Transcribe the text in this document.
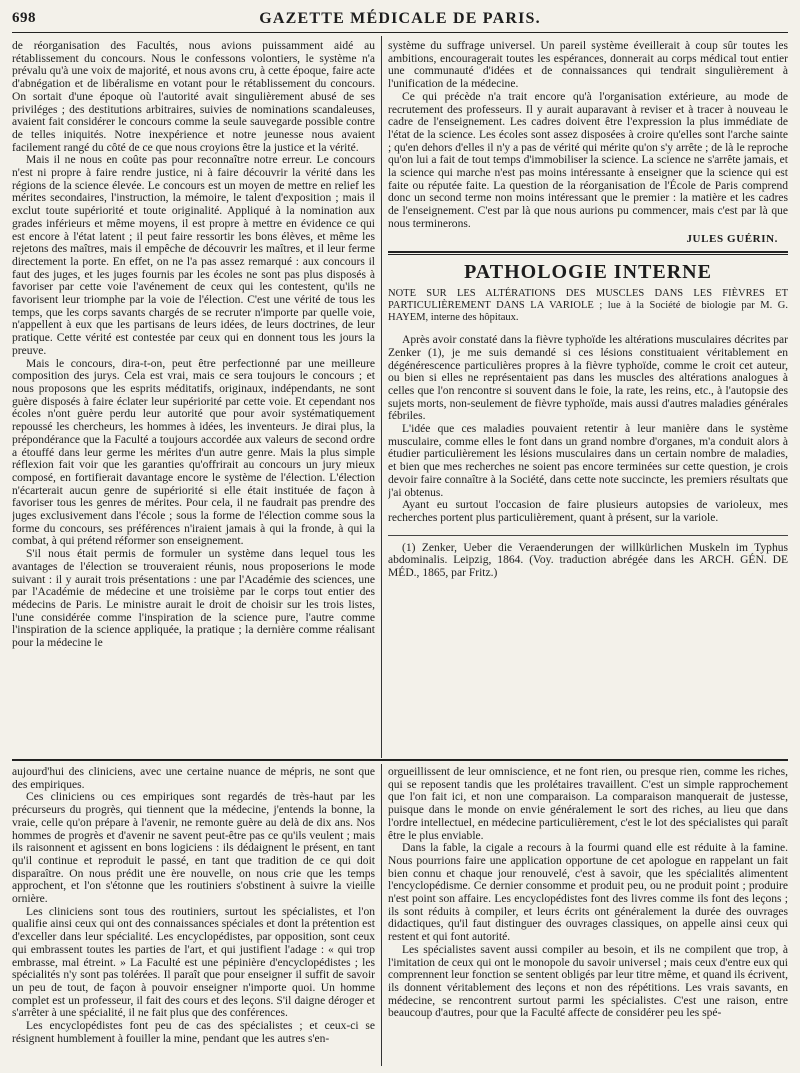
698	GAZETTE MÉDICALE DE PARIS.

de réorganisation des Facultés, nous avions puissamment aidé au rétablissement du concours. Nous le confessons volontiers, le système n'a prévalu qu'à une voix de majorité, et nous avons cru, à cette époque, faire acte d'abnégation et de libéralisme en votant pour le rétablissement du concours. On sortait d'une époque où l'autorité avait singulièrement abusé de ses priviléges ; des destitutions arbitraires, suivies de nominations scandaleuses, avaient fait considérer le concours comme la seule sauvegarde possible contre de telles iniquités. Notre inexpérience et notre jeunesse nous avaient facilement rangé du côté de ce que nous croyions être la justice et la vérité.

Mais il ne nous en coûte pas pour reconnaître notre erreur. Le concours n'est ni propre à faire rendre justice, ni à faire découvrir la vérité dans les régions de la science élevée. Le concours est un moyen de mettre en relief les mérites secondaires, l'instruction, la mémoire, le talent d'exposition ; mais il exclut toute supériorité et toute originalité. Appliqué à la nomination aux grades inférieurs et même moyens, il est propre à mettre en évidence ce qui est encore à l'état latent ; il peut faire ressortir les bons élèves, et même les rejetons des maîtres, mais il empêche de découvrir les maîtres, et il leur ferme directement la porte. En effet, on ne l'a pas assez remarqué : aux concours il faut des juges, et les juges fournis par les écoles ne sont pas plus disposés à favoriser par cette voie l'avénement de ceux qui les contestent, qu'ils ne favorisent leur triomphe par la voie de l'élection. C'est une vérité de tous les temps, que les corps savants chargés de se recruter n'importe par quelle voie, n'appellent à eux que les partisans de leurs idées, de leurs doctrines, de leur pratique. Cette vérité est contestée par ceux qui en donnent tous les jours la preuve.

Mais le concours, dira-t-on, peut être perfectionné par une meilleure composition des jurys. Cela est vrai, mais ce sera toujours le concours ; et nous proposons que les esprits méditatifs, originaux, indépendants, ne sont guère disposés à faire éclater leur supériorité par cette voie. Et cependant nos écoles n'ont guère perdu leur autorité que pour avoir systématiquement repoussé les chercheurs, les hommes à idées, les inventeurs. Je dirai plus, la prépondérance que la Faculté a toujours accordée aux valeurs de second ordre a étouffé dans leur germe les mérites d'un autre genre. Mais la plus simple réflexion fait voir que les garanties qu'offrirait au concours un jury mieux composé, en fortifierait davantage encore le système de l'élection. L'élection n'écarterait aucun genre de supériorité si elle était instituée de façon à favoriser tous les genres de mérites. Pour cela, il ne faudrait pas prendre des juges exclusivement dans l'école ; sous la forme de l'élection comme sous la forme du concours, ses préférences n'iraient jamais à qui la fronde, à qui la combat, à qui prétend réformer son enseignement.

S'il nous était permis de formuler un système dans lequel tous les avantages de l'élection se trouveraient réunis, nous proposerions le mode suivant : il y aurait trois présentations : une par l'Académie des sciences, une par l'Académie de médecine et une troisième par le corps tout entier des médecins de Paris. Le ministre aurait le droit de choisir sur les trois listes, l'une considérée comme l'inspiration de la science pure, l'autre comme l'inspiration de la science appliquée, la pratique ; la dernière comme réalisant pour la médecine le

système du suffrage universel. Un pareil système éveillerait à coup sûr toutes les ambitions, encouragerait toutes les espérances, donnerait au corps médical tout entier une communauté d'idées et de connaissances qui tendrait singulièrement à l'unification de la médecine.

Ce qui précède n'a trait encore qu'à l'organisation extérieure, au mode de recrutement des professeurs. Il y aurait auparavant à reviser et à tracer à nouveau le cadre de l'enseignement. Les cadres doivent être l'expression la plus immédiate de l'état de la science. Les écoles sont assez disposées à croire qu'elles sont l'arche sainte ; qu'en dehors d'elles il n'y a pas de vérité qui mérite qu'on s'y arrête ; de là le reproche qu'on lui a fait de tout temps d'immobiliser la science. La science ne s'arrête jamais, et la science qui marche n'est pas moins intéressante à enseigner que la science qui est faite ou réputée faite. La question de la réorganisation de l'École de Paris comprend donc un second terme non moins intéressant que le premier : la matière et les cadres de l'enseignement. C'est par là que nous aurions pu commencer, mais c'est par là que nous terminerons.

JULES GUÉRIN.
PATHOLOGIE INTERNE
NOTE SUR LES ALTÉRATIONS DES MUSCLES DANS LES FIÈVRES ET PARTICULIÈREMENT DANS LA VARIOLE ; lue à la Société de biologie par M. G. HAYEM, interne des hôpitaux.

Après avoir constaté dans la fièvre typhoïde les altérations musculaires décrites par Zenker (1), je me suis demandé si ces lésions constituaient véritablement en dégénérescence particulières propres à la fièvre typhoïde, comme le croit cet auteur, ou bien si elles ne représentaient pas dans les muscles des altérations analogues à celles que l'on rencontre si souvent dans le foie, la rate, les reins, etc., à l'autopsie des sujets morts, non-seulement de fièvre typhoïde, mais aussi d'autres maladies générales fébriles.

L'idée que ces maladies pouvaient retentir à leur manière dans le système musculaire, comme elles le font dans un grand nombre d'organes, m'a conduit alors à étudier particulièrement les lésions musculaires dans un certain nombre de maladies, et bien que mes recherches ne soient pas encore terminées sur cette question, je crois devoir faire connaître à la Société, dans cette note succincte, les premiers résultats que j'ai obtenus.

Ayant eu surtout l'occasion de faire plusieurs autopsies de varioleux, mes recherches portent plus particulièrement, quant à présent, sur la variole.

(1) Zenker, Ueber die Veraenderungen der willkürlichen Muskeln im Typhus abdominalis. Leipzig, 1864. (Voy. traduction abrégée dans les ARCH. GÉN. DE MÉD., 1865, par Fritz.)

aujourd'hui des cliniciens, avec une certaine nuance de mépris, ne sont que des empiriques.

Ces cliniciens ou ces empiriques sont regardés de très-haut par les précurseurs du progrès, qui tiennent que la médecine, j'entends la bonne, la vraie, celle qu'on prépare à l'avenir, ne remonte guère au delà de dix ans. Nos hommes de progrès et d'avenir ne savent peut-être pas ce qu'ils veulent ; mais ils raisonnent et agissent en bons logiciens : ils dédaignent le présent, en tant qu'il continue et reproduit le passé, en tant que tradition de ce qui doit disparaître. On nous prédit une ère nouvelle, on nous crie que les temps approchent, et l'on s'étonne que les routiniers s'obstinent à suivre la vieille ornière.

Les cliniciens sont tous des routiniers, surtout les spécialistes, et l'on qualifie ainsi ceux qui ont des connaissances spéciales et dont la prétention est d'exceller dans leur spécialité. Les encyclopédistes, par opposition, sont ceux qui embrassent toutes les parties de l'art, et qui justifient l'adage : « qui trop embrasse, mal étreint. » La Faculté est une pépinière d'encyclopédistes ; les spécialités n'y sont pas tolérées. Il paraît que pour enseigner il suffit de savoir un peu de tout, de façon à pouvoir enseigner n'importe quoi. Un homme complet est un professeur, il fait des cours et des leçons. S'il daigne déroger et s'arrêter à une spécialité, il ne fait plus que des conférences.

Les encyclopédistes font peu de cas des spécialistes ; et ceux-ci se résignent humblement à fouiller la mine, pendant que les autres s'en-

orgueillissent de leur omniscience, et ne font rien, ou presque rien, comme les riches, qui se reposent tandis que les prolétaires travaillent. C'est un simple rapprochement que l'on fait ici, et non une comparaison. La comparaison manquerait de justesse, puisque dans le monde on envie généralement le sort des riches, au lieu que dans l'ordre intellectuel, en médecine particulièrement, c'est le lot des spécialistes qui paraît être le plus enviable.

Dans la fable, la cigale a recours à la fourmi quand elle est réduite à la famine. Nous pourrions faire une application opportune de cet apologue en rappelant un fait bien connu et chaque jour renouvelé, c'est à savoir, que les spécialités alimentent l'encyclopédisme. Ce dernier consomme et produit peu, ou ne produit point ; produire n'est point son affaire. Les encyclopédistes font des livres comme ils font des leçons ; ils sont réduits à compiler, et leurs écrits ont généralement la durée des ouvrages didactiques, qu'il faut distinguer des ouvrages classiques, on appelle ainsi ceux qui restent et qui font autorité.

Les spécialistes savent aussi compiler au besoin, et ils ne compilent que trop, à l'imitation de ceux qui ont le monopole du savoir universel ; mais ceux d'entre eux qui comprennent leur fonction se sentent obligés par leur titre même, et quand ils écrivent, ils donnent véritablement des leçons et non des répétitions. Les vrais savants, en médecine, se rencontrent surtout parmi les spécialistes. C'est une raison, entre beaucoup d'autres, pour que la Faculté affecte de considérer peu les spé-
